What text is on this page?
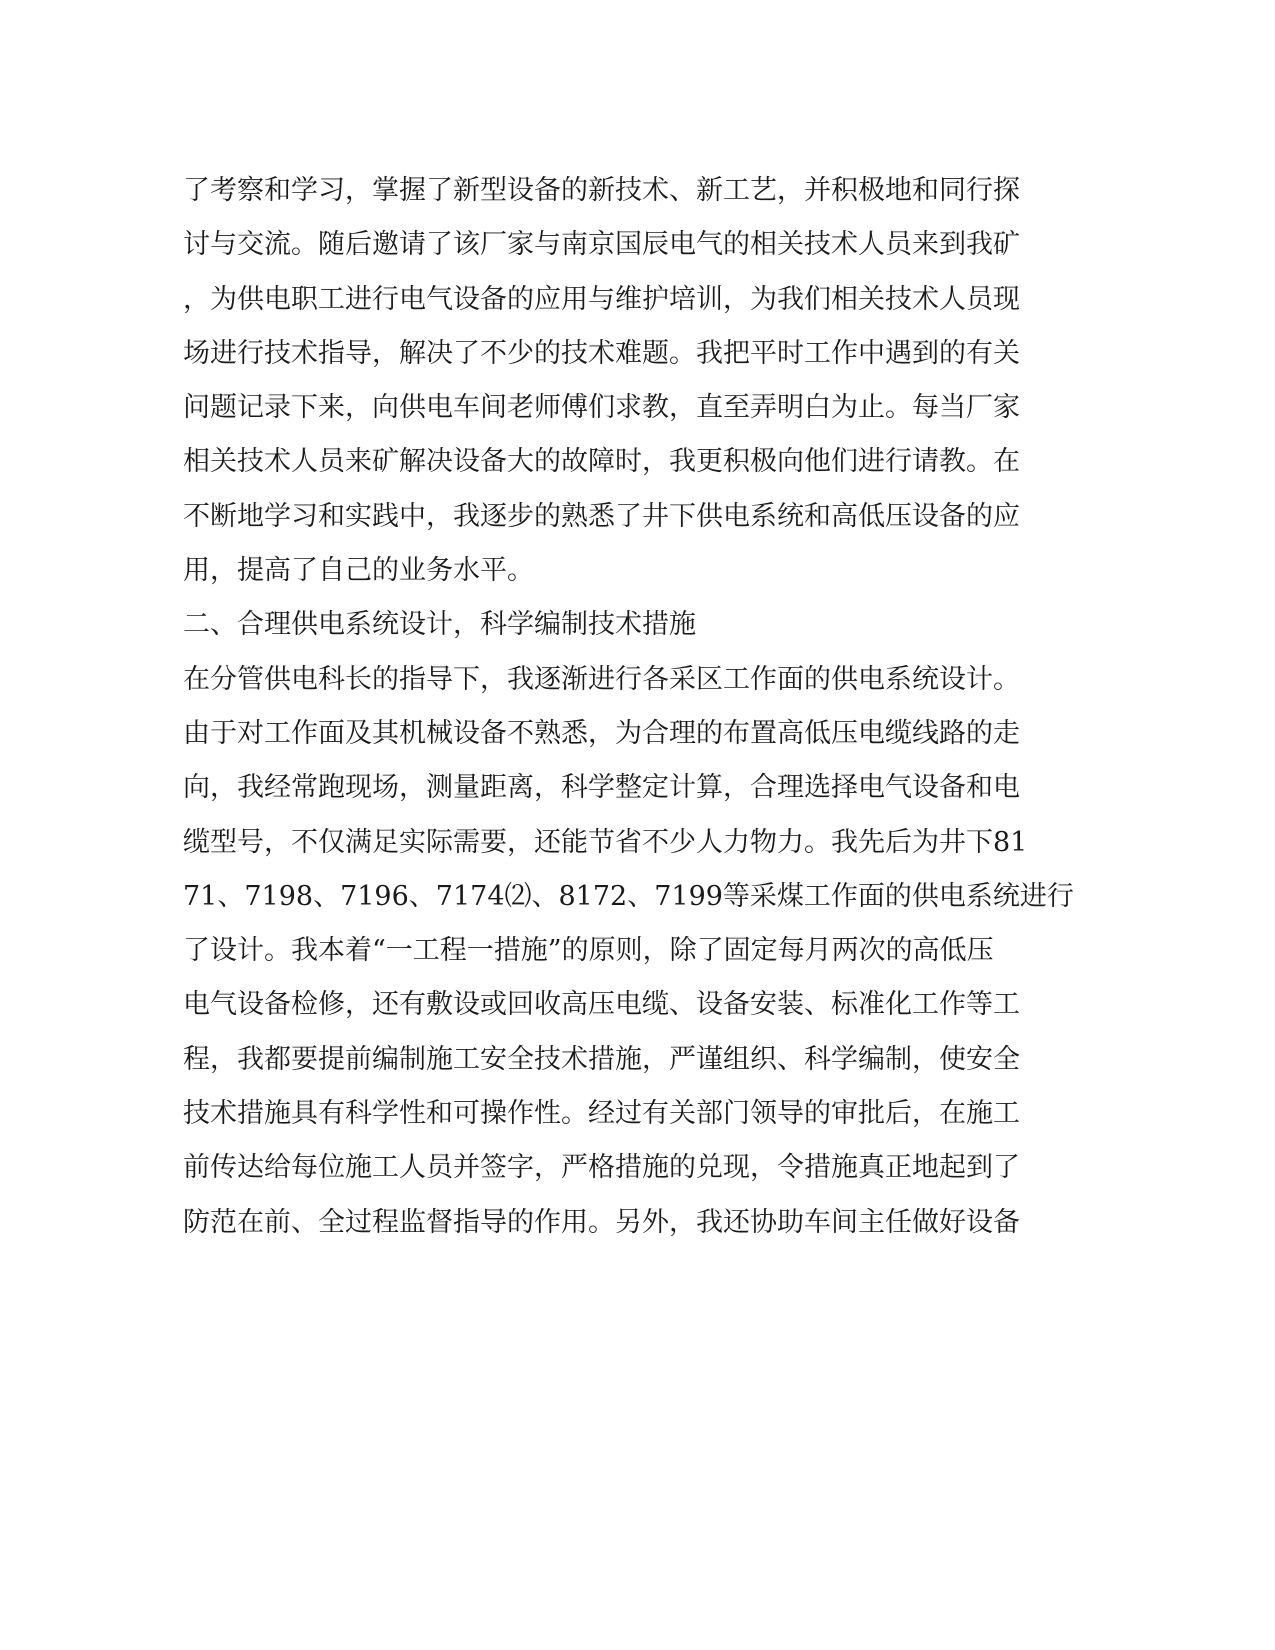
了考察和学习，掌握了新型设备的新技术、新工艺，并积极地和同行探
讨与交流。随后邀请了该厂家与南京国辰电气的相关技术人员来到我矿
，为供电职工进行电气设备的应用与维护培训，为我们相关技术人员现
场进行技术指导，解决了不少的技术难题。我把平时工作中遇到的有关
问题记录下来，向供电车间老师傅们求教，直至弄明白为止。每当厂家
相关技术人员来矿解决设备大的故障时，我更积极向他们进行请教。在
不断地学习和实践中，我逐步的熟悉了井下供电系统和高低压设备的应
用，提高了自己的业务水平。
二、合理供电系统设计，科学编制技术措施
在分管供电科长的指导下，我逐渐进行各采区工作面的供电系统设计。
由于对工作面及其机械设备不熟悉，为合理的布置高低压电缆线路的走
向，我经常跑现场，测量距离，科学整定计算，合理选择电气设备和电
缆型号，不仅满足实际需要，还能节省不少人力物力。我先后为井下81
71、7198、7196、7174⑵、8172、7199等采煤工作面的供电系统进行
了设计。我本着“一工程一措施”的原则，除了固定每月两次的高低压
电气设备检修，还有敷设或回收高压电缆、设备安装、标准化工作等工
程，我都要提前编制施工安全技术措施，严谨组织、科学编制，使安全
技术措施具有科学性和可操作性。经过有关部门领导的审批后，在施工
前传达给每位施工人员并签字，严格措施的兑现，令措施真正地起到了
防范在前、全过程监督指导的作用。另外，我还协助车间主任做好设备
